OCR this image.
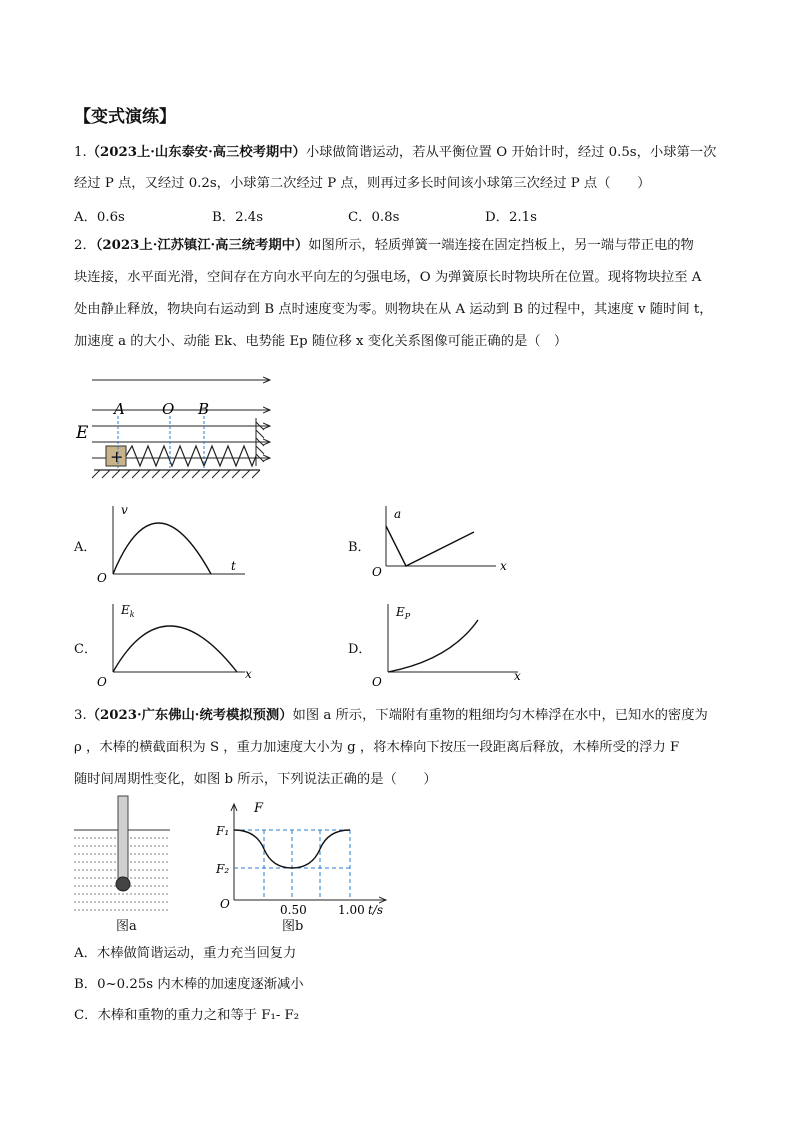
【变式演练】
1.（2023上·山东泰安·高三校考期中）小球做简谐运动，若从平衡位置 O 开始计时，经过 0.5s，小球第一次
经过 P 点，又经过 0.2s，小球第二次经过 P 点，则再过多长时间该小球第三次经过 P 点（　　）
A．0.6s	B．2.4s	C．0.8s	D．2.1s
2．（2023上·江苏镇江·高三统考期中）如图所示，轻质弹簧一端连接在固定挡板上，另一端与带正电的物
块连接，水平面光滑，空间存在方向水平向左的匀强电场，O 为弹簧原长时物块所在位置。现将物块拉至 A
处由静止释放，物块向右运动到 B 点时速度变为零。则物块在从 A 运动到 B 的过程中，其速度 v 随时间 t，
加速度 a 的大小、动能 Ek、电势能 Ep 随位移 x 变化关系图像可能正确的是（　）
+
E
A O B
A．
v
t
O
B．
a
x
O
C．
$E_k$
x
O
D．
$E_P$
x
O
3.（2023·广东佛山·统考模拟预测）如图 a 所示，下端附有重物的粗细均匀木棒浮在水中，已知水的密度为
ρ ，木棒的横截面积为 S ，重力加速度大小为 g ，将木棒向下按压一段距离后释放，木棒所受的浮力 F
随时间周期性变化，如图 b 所示，下列说法正确的是（　　）
图a
F
F₁
F₂
O	0.50	1.00 t/s
图b
A．木棒做简谐运动，重力充当回复力
B．0~0.25s 内木棒的加速度逐渐减小
C．木棒和重物的重力之和等于 F₁- F₂
